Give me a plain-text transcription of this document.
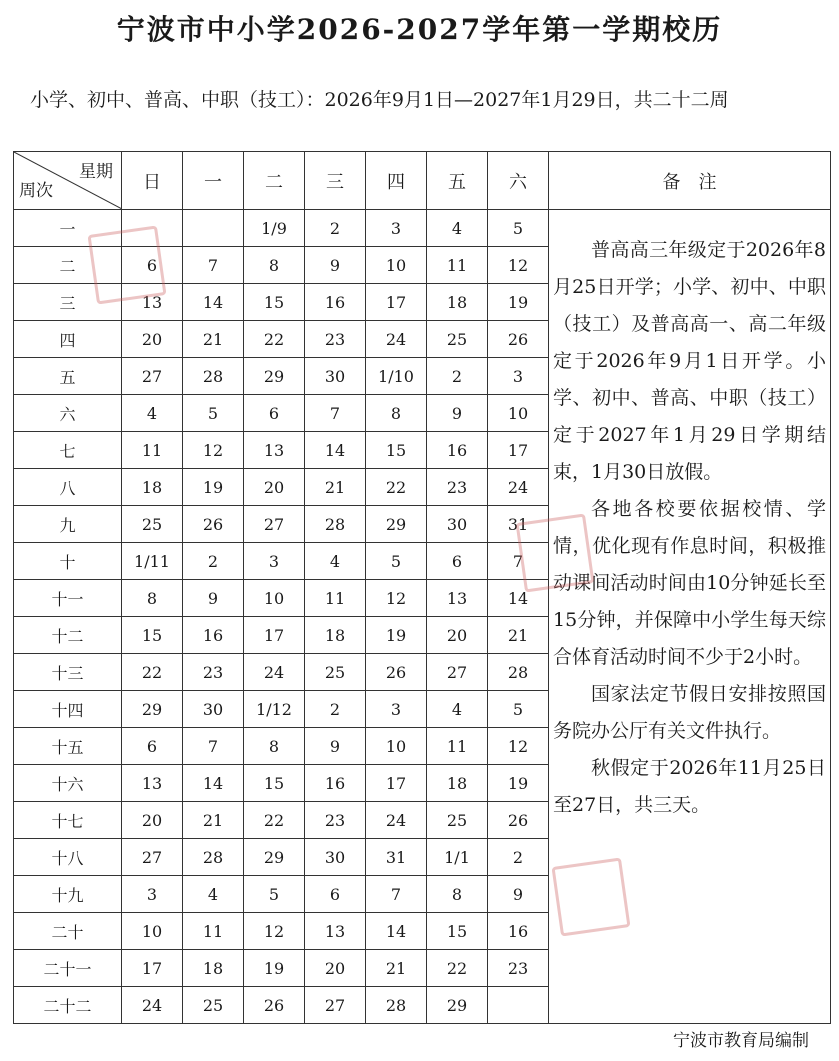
宁波市中小学2026-2027学年第一学期校历
小学、初中、普高、中职（技工）：2026年9月1日—2027年1月29日，共二十二周
星期
周次	日	一	二	三	四	五	六	备　注
一			1/9	2	3	4	5	普高高三年级定于2026年8月25日开学；小学、初中、中职（技工）及普高高一、高二年级定于2026年9月1日开学。小学、初中、普高、中职（技工）定于2027年1月29日学期结束，1月30日放假。

各地各校要依据校情、学情，优化现有作息时间，积极推动课间活动时间由10分钟延长至15分钟，并保障中小学生每天综合体育活动时间不少于2小时。

国家法定节假日安排按照国务院办公厅有关文件执行。

秋假定于2026年11月25日至27日，共三天。

二	6	7	8	9	10	11	12	
三	13	14	15	16	17	18	19	
四	20	21	22	23	24	25	26	
五	27	28	29	30	1/10	2	3	
六	4	5	6	7	8	9	10	
七	11	12	13	14	15	16	17	
八	18	19	20	21	22	23	24	
九	25	26	27	28	29	30	31	
十	1/11	2	3	4	5	6	7	
十一	8	9	10	11	12	13	14	
十二	15	16	17	18	19	20	21	
十三	22	23	24	25	26	27	28	
十四	29	30	1/12	2	3	4	5	
十五	6	7	8	9	10	11	12	
十六	13	14	15	16	17	18	19	
十七	20	21	22	23	24	25	26	
十八	27	28	29	30	31	1/1	2	
十九	3	4	5	6	7	8	9	
二十	10	11	12	13	14	15	16	
二十一	17	18	19	20	21	22	23	
二十二	24	25	26	27	28	29		
宁波市教育局编制
